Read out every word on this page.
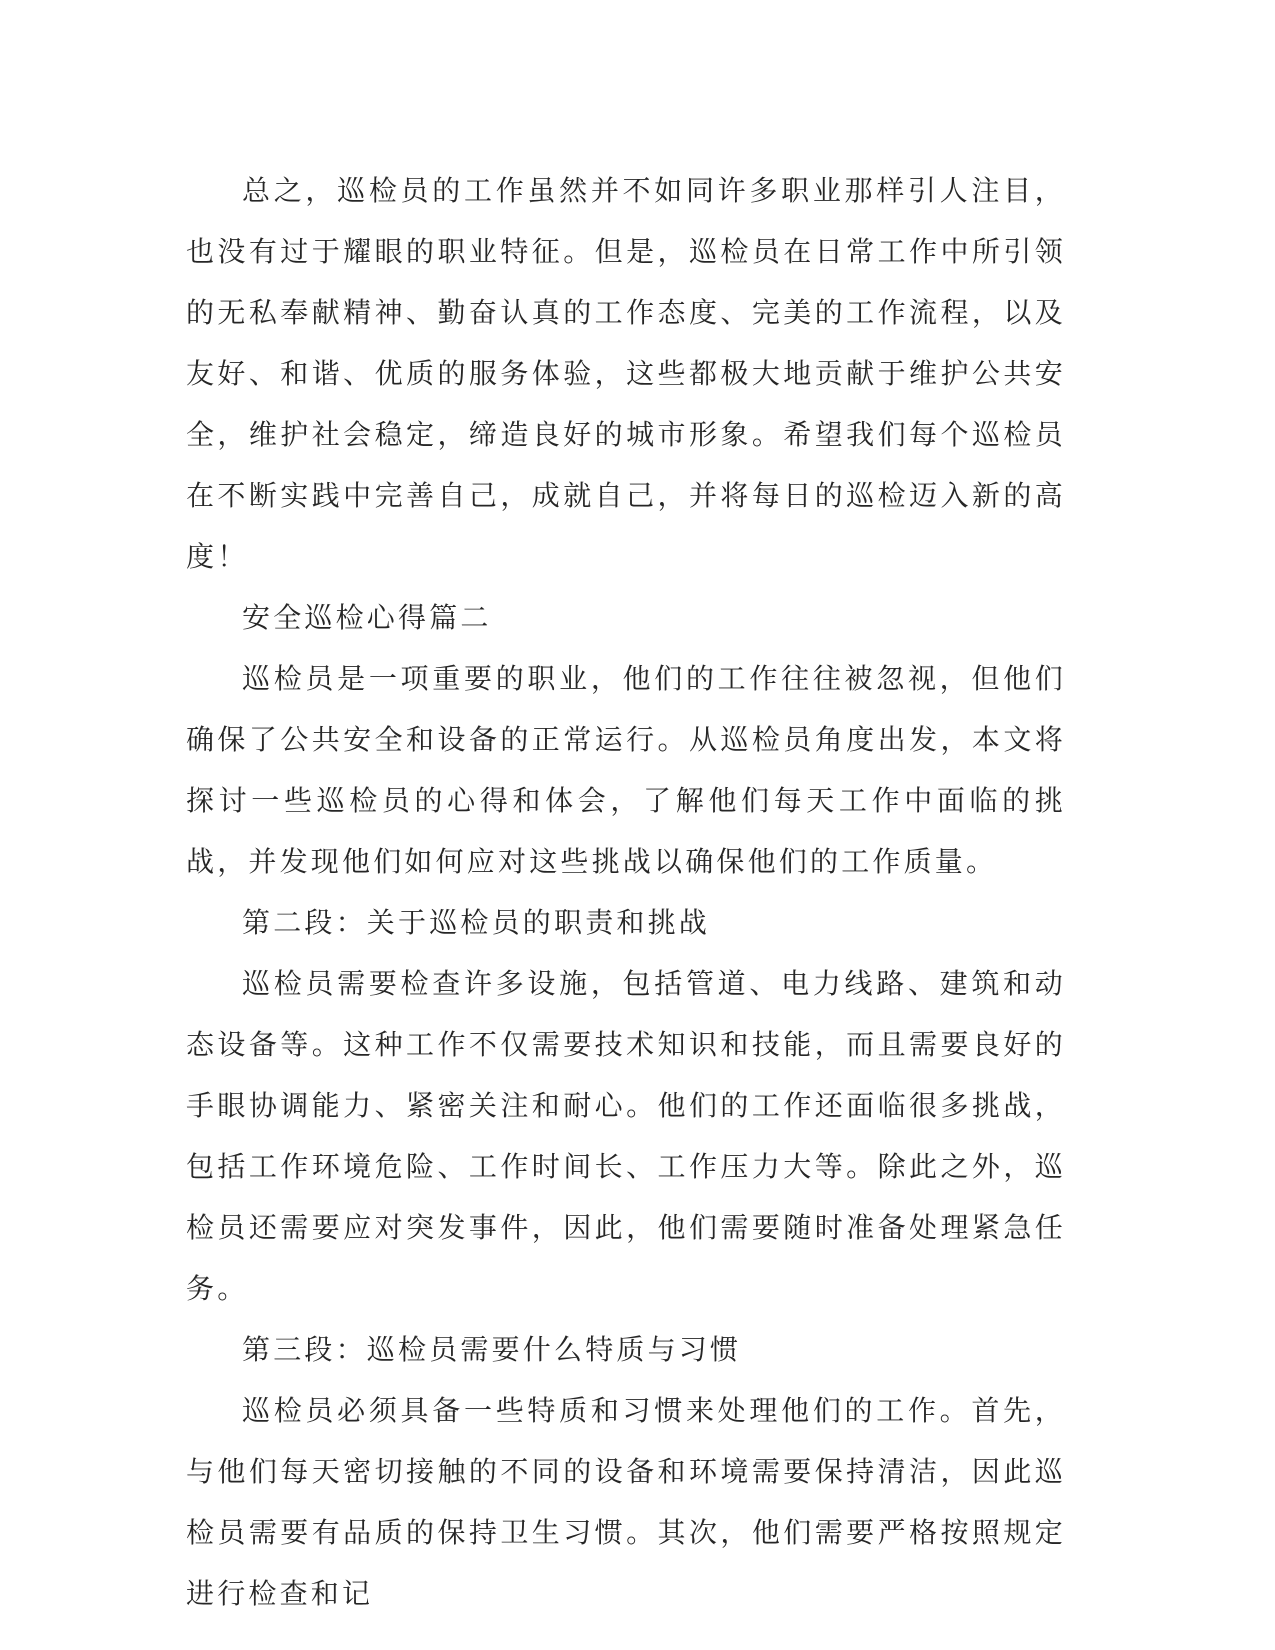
总之，巡检员的工作虽然并不如同许多职业那样引人注目，也没有过于耀眼的职业特征。但是，巡检员在日常工作中所引领的无私奉献精神、勤奋认真的工作态度、完美的工作流程，以及友好、和谐、优质的服务体验，这些都极大地贡献于维护公共安全，维护社会稳定，缔造良好的城市形象。希望我们每个巡检员在不断实践中完善自己，成就自己，并将每日的巡检迈入新的高度！

安全巡检心得篇二

巡检员是一项重要的职业，他们的工作往往被忽视，但他们确保了公共安全和设备的正常运行。从巡检员角度出发，本文将探讨一些巡检员的心得和体会，了解他们每天工作中面临的挑战，并发现他们如何应对这些挑战以确保他们的工作质量。

第二段：关于巡检员的职责和挑战

巡检员需要检查许多设施，包括管道、电力线路、建筑和动态设备等。这种工作不仅需要技术知识和技能，而且需要良好的手眼协调能力、紧密关注和耐心。他们的工作还面临很多挑战，包括工作环境危险、工作时间长、工作压力大等。除此之外，巡检员还需要应对突发事件，因此，他们需要随时准备处理紧急任务。

第三段：巡检员需要什么特质与习惯

巡检员必须具备一些特质和习惯来处理他们的工作。首先，与他们每天密切接触的不同的设备和环境需要保持清洁，因此巡检员需要有品质的保持卫生习惯。其次，他们需要严格按照规定进行检查和记
